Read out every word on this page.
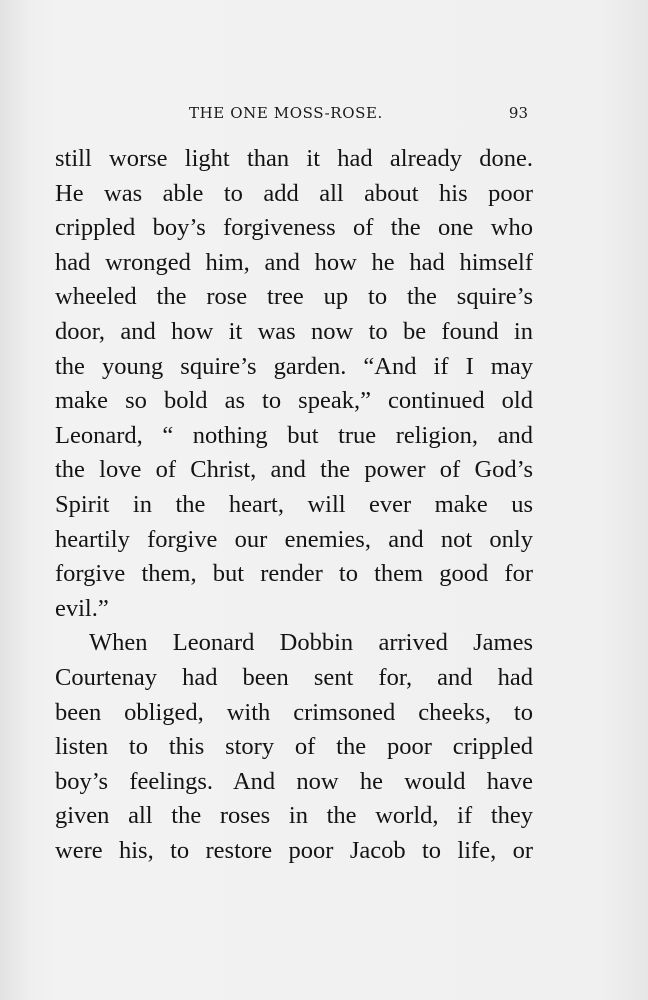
THE ONE MOSS-ROSE.	93
still worse light than it had already done.
He was able to add all about his poor
crippled boy’s forgiveness of the one who
had wronged him, and how he had himself
wheeled the rose tree up to the squire’s
door, and how it was now to be found in
the young squire’s garden. “And if I may
make so bold as to speak,” continued old
Leonard, “ nothing but true religion, and
the love of Christ, and the power of God’s
Spirit in the heart, will ever make us
heartily forgive our enemies, and not only
forgive them, but render to them good for
evil.”
When Leonard Dobbin arrived James
Courtenay had been sent for, and had
been obliged, with crimsoned cheeks, to
listen to this story of the poor crippled
boy’s feelings. And now he would have
given all the roses in the world, if they
were his, to restore poor Jacob to life, or
